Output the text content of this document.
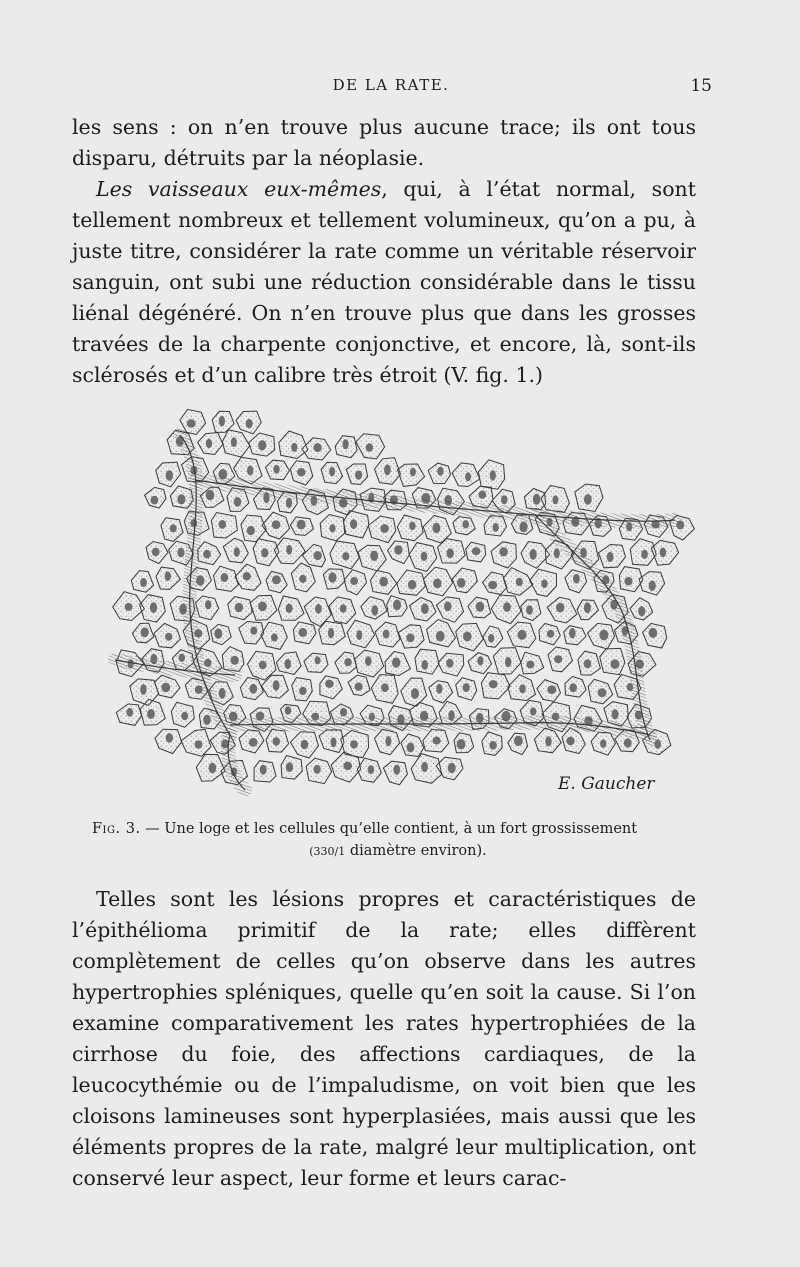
DE LA RATE.	15

les sens : on n’en trouve plus aucune trace; ils ont tous disparu, détruits par la néoplasie.

Les vaisseaux eux-mêmes, qui, à l’état normal, sont tellement nombreux et tellement volumineux, qu’on a pu, à juste titre, considérer la rate comme un véritable réservoir sanguin, ont subi une réduction considérable dans le tissu liénal dégénéré. On n’en trouve plus que dans les grosses travées de la charpente conjonctive, et encore, là, sont-ils sclérosés et d’un calibre très étroit (V. fig. 1.)

E. Gaucher

Fig. 3. — Une loge et les cellules qu’elle contient, à un fort grossissement
(330/1 diamètre environ).

Telles sont les lésions propres et caractéristiques de l’épithélioma primitif de la rate; elles diffèrent complètement de celles qu’on observe dans les autres hypertrophies spléniques, quelle qu’en soit la cause. Si l’on examine comparativement les rates hypertrophiées de la cirrhose du foie, des affections cardiaques, de la leucocythémie ou de l’impaludisme, on voit bien que les cloisons lamineuses sont hyperplasiées, mais aussi que les éléments propres de la rate, malgré leur multiplication, ont conservé leur aspect, leur forme et leurs carac-
